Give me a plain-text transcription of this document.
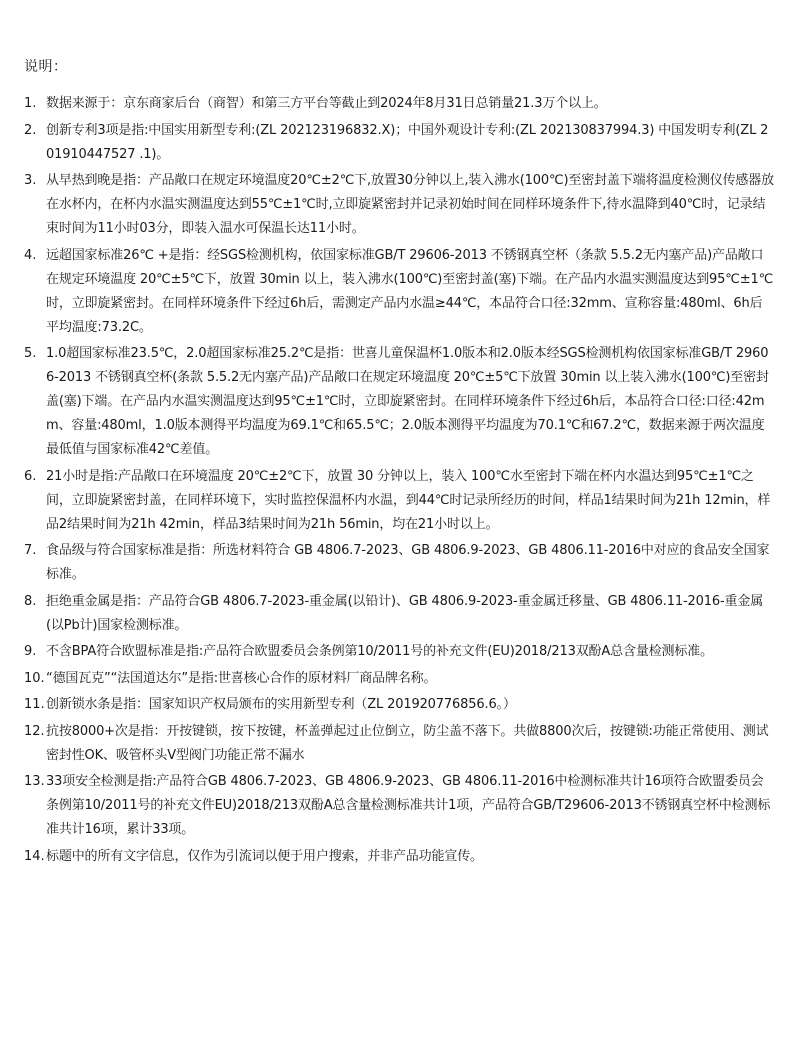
说明：
1. 数据来源于：京东商家后台（商智）和第三方平台等截止到2024年8月31日总销量21.3万个以上。

2. 创新专利3项是指:中国实用新型专利:(ZL 202123196832.X)；中国外观设计专利:(ZL 202130837994.3) 中国发明专利(ZL 201910447527 .1)。

3. 从早热到晚是指：产品敞口在规定环境温度20℃±2℃下,放置30分钟以上,装入沸水(100℃)至密封盖下端将温度检测仪传感器放在水杯内，在杯内水温实测温度达到55℃±1℃时,立即旋紧密封并记录初始时间在同样环境条件下,待水温降到40℃时，记录结束时间为11小时03分，即装入温水可保温长达11小时。

4. 远超国家标准26℃ +是指：经SGS检测机构，依国家标准GB/T 29606-2013 不锈钢真空杯（条款 5.5.2无内塞产品)产品敞口在规定环境温度 20℃±5℃下，放置 30min 以上，装入沸水(100℃)至密封盖(塞)下端。在产品内水温实测温度达到95℃±1℃时，立即旋紧密封。在同样环境条件下经过6h后，需测定产品内水温≥44℃，本品符合口径:32mm、宣称容量:480ml、6h后平均温度:73.2C。

5. 1.0超国家标准23.5℃，2.0超国家标准25.2℃是指：世喜儿童保温杯1.0版本和2.0版本经SGS检测机构依国家标准GB/T 29606-2013 不锈钢真空杯(条款 5.5.2无内塞产品)产品敞口在规定环境温度 20℃±5℃下放置 30min 以上装入沸水(100℃)至密封盖(塞)下端。在产品内水温实测温度达到95℃±1℃时，立即旋紧密封。在同样环境条件下经过6h后，本品符合口径:口径:42mm、容量:480ml，1.0版本测得平均温度为69.1℃和65.5℃；2.0版本测得平均温度为70.1℃和67.2℃，数据来源于两次温度最低值与国家标准42℃差值。

6. 21小时是指:产品敞口在环境温度 20℃±2℃下，放置 30 分钟以上，装入 100℃水至密封下端在杯内水温达到95℃±1℃之间，立即旋紧密封盖，在同样环境下，实时监控保温杯内水温，到44℃时记录所经历的时间，样品1结果时间为21h 12min，样品2结果时间为21h 42min，样品3结果时间为21h 56min，均在21小时以上。

7. 食品级与符合国家标准是指：所选材料符合 GB 4806.7-2023、GB 4806.9-2023、GB 4806.11-2016中对应的食品安全国家标准。

8. 拒绝重金属是指：产品符合GB 4806.7-2023-重金属(以铅计)、GB 4806.9-2023-重金属迁移量、GB 4806.11-2016-重金属(以Pb计)国家检测标准。

9. 不含BPA符合欧盟标准是指:产品符合欧盟委员会条例第10/2011号的补充文件(EU)2018/213双酚A总含量检测标准。

10. “德国瓦克”“法国道达尔”是指:世喜核心合作的原材料厂商品牌名称。

11. 创新锁水条是指：国家知识产权局颁布的实用新型专利（ZL 201920776856.6。）

12. 抗按8000+次是指：开按键锁，按下按键，杯盖弹起过止位倒立，防尘盖不落下。共做8800次后，按键锁:功能正常使用、测试密封性OK、吸管杯头V型阀门功能正常不漏水

13. 33项安全检测是指:产品符合GB 4806.7-2023、GB 4806.9-2023、GB 4806.11-2016中检测标准共计16项符合欧盟委员会条例第10/2011号的补充文件EU)2018/213双酚A总含量检测标准共计1项，产品符合GB/T29606-2013不锈钢真空杯中检测标准共计16项，累计33项。

14. 标题中的所有文字信息，仅作为引流词以便于用户搜索，并非产品功能宣传。
